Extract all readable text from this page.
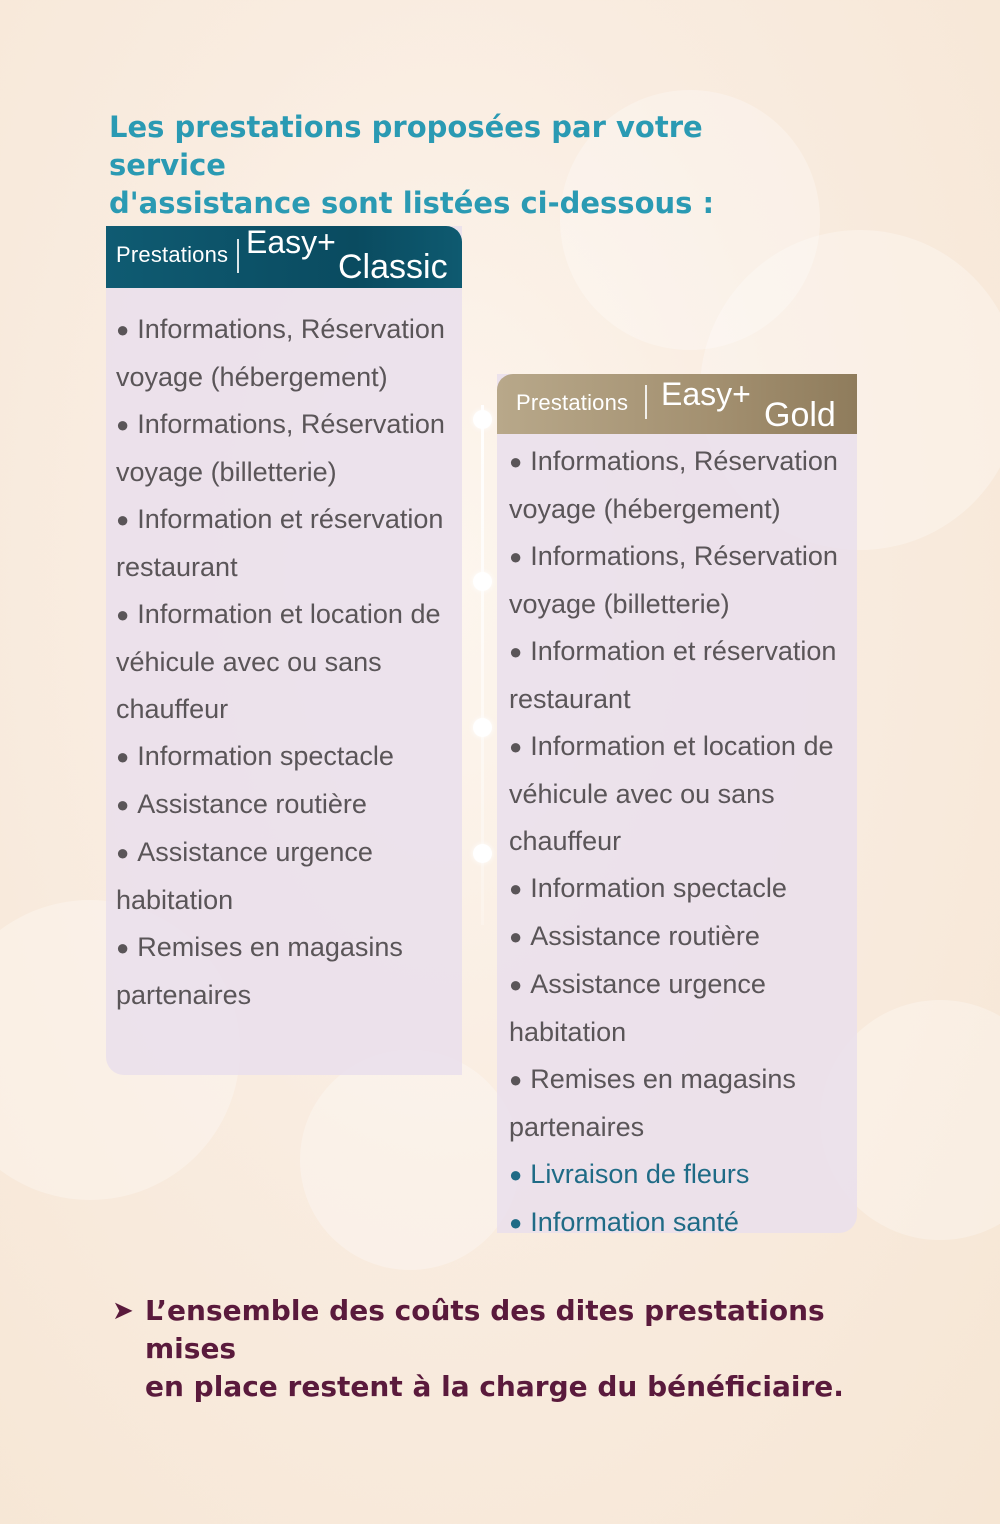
Les prestations proposées par votre service
d'assistance sont listées ci-dessous :
Prestations Easy+
Classic
● Informations, Réservation voyage (hébergement)
● Informations, Réservation voyage (billetterie)
● Information et réservation restaurant
● Information et location de véhicule avec ou sans chauffeur
● Information spectacle
● Assistance routière
● Assistance urgence habitation
● Remises en magasins partenaires
Prestations Easy+
Gold
● Informations, Réservation voyage (hébergement)
● Informations, Réservation voyage (billetterie)
● Information et réservation restaurant
● Information et location de véhicule avec ou sans chauffeur
● Information spectacle
● Assistance routière
● Assistance urgence habitation
● Remises en magasins partenaires
● Livraison de fleurs
● Information santé
➤ L’ensemble des coûts des dites prestations mises
en place restent à la charge du bénéficiaire.
